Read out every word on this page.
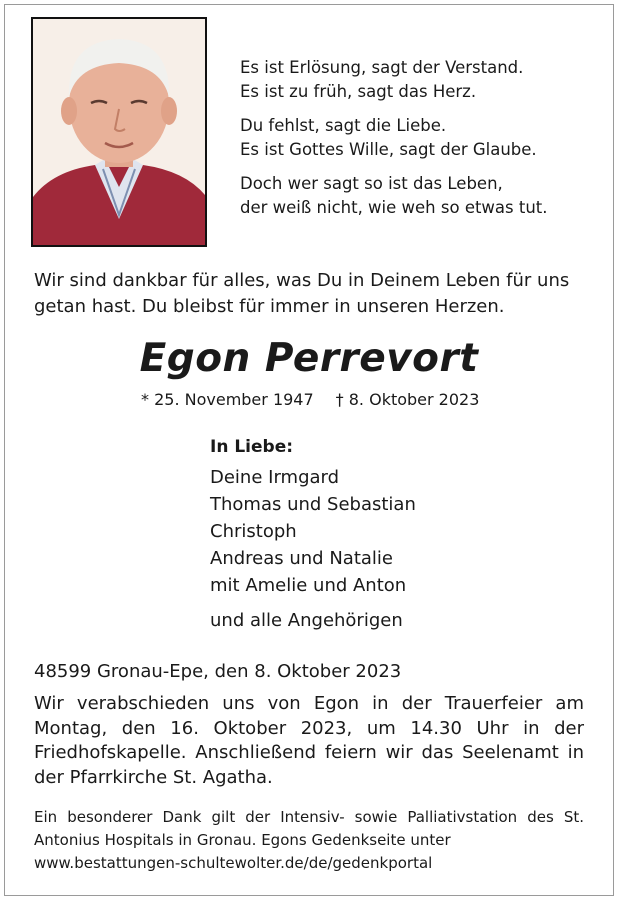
Es ist Erlösung, sagt der Verstand.
Es ist zu früh, sagt das Herz.
Du fehlst, sagt die Liebe.
Es ist Gottes Wille, sagt der Glaube.
Doch wer sagt so ist das Leben,
der weiß nicht, wie weh so etwas tut.
Wir sind dankbar für alles, was Du in Deinem Leben für uns getan hast. Du bleibst für immer in unseren Herzen.
Egon Perrevort
* 25. November 1947 † 8. Oktober 2023
In Liebe:
Deine Irmgard
Thomas und Sebastian
Christoph
Andreas und Natalie
mit Amelie und Anton
und alle Angehörigen
48599 Gronau-Epe, den 8. Oktober 2023
Wir verabschieden uns von Egon in der Trauerfeier am Montag, den 16. Oktober 2023, um 14.30 Uhr in der Friedhofskapelle. Anschließend feiern wir das Seelenamt in der Pfarrkirche St. Agatha.
Ein besonderer Dank gilt der Intensiv- sowie Palliativstation des St. Antonius Hospitals in Gronau. Egons Gedenkseite unter
www.bestattungen-schultewolter.de/de/gedenkportal
